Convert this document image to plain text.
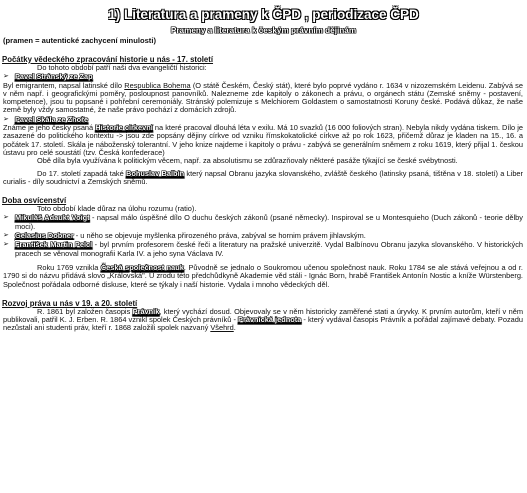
1) Literatura a prameny k ČPD , periodizace ČPD
Prameny a literatura k českým právním dějinám
(pramen = autentické zachycení minulosti)
Počátky vědeckého zpracování historie u nás - 17. století

Do tohoto období patří naši dva evangeličtí historici:

➢ Pavel Stránský ze Zap

Byl emigrantem, napsal latinské dílo Respublica Bohema (O státě Českém, Český stát), které bylo poprvé vydáno r. 1634 v nizozemském Leidenu. Zabývá se v něm např. i geografickými poměry, posloupnost panovníků. Nalezneme zde kapitoly o zákonech a právu, o orgánech státu (Zemské sněmy - postavení, kompetence), jsou tu popsané i pohřební ceremoniály. Stránský polemizuje s Melchiorem Goldastem o samostatnosti Koruny české. Podává důkaz, že naše země byly vždy samostatné, že naše právo pochází z domácích zdrojů.

➢ Pavel Skála ze Zhoře

Známe je jeho česky psaná Historie církevní na které pracoval dlouhá léta v exilu. Má 10 svazků (16 000 foliových stran). Nebyla nikdy vydána tiskem. Dílo je zasazené do politického kontextu -> jsou zde popsány dějiny církve od vzniku římskokatolické církve až po rok 1623, přičemž důraz je kladen na 15., 16. a počátek 17. století. Skála je náboženský tolerantní. V jeho knize najdeme i kapitoly o právu - zabývá se generálním sněmem z roku 1619, který přijal 1. českou ústavu pro celé soustátí (tzv. Česká konfederace)

Obě díla byla využívána k politickým věcem, např. za absolutismu se zdůrazňovaly některé pasáže týkající se české svébytnosti.

Do 17. století zapadá také Bohuslav Balbín který napsal Obranu jazyka slovanského, zvláště českého (latinsky psaná, tištěna v 18. století) a Liber curialis - díly soudnictví a Zemských sněmů.

Doba osvícenství

Toto období klade důraz na úlohu rozumu (ratio).

➢ Mikuláš Adaukt Voigt - napsal málo úspěšné dílo O duchu českých zákonů (psané německy). Inspiroval se u Montesquieho (Duch zákonů - teorie dělby moci).

➢ Gelasius Dobner - u něho se objevuje myšlenka přirozeného práva, zabýval se hornim právem jihlavským.

➢ František Martin Pelcl - byl prvním profesorem české řeči a literatury na pražské univerzitě. Vydal Balbínovu Obranu jazyka slovanského. V historických pracech se věnoval monografii Karla IV. a jeho syna Václava IV.

Roku 1769 vznikla Česká společnost nauk. Původně se jednalo o Soukromou učenou společnost nauk. Roku 1784 se ale stává veřejnou a od r. 1790 si do názvu přidává slovo „Královská". U zrodu této předchůdkyně Akademie věd stáli - Ignác Born, hrabě František Antonín Nostic a kníže Würstenberg. Společnost pořádala odborné diskuse, které se týkaly i naší historie. Vydala i mnoho vědeckých děl.

Rozvoj práva u nás v 19. a 20. století

R. 1861 byl založen časopis Právník, který vychází dosud. Objevovaly se v něm historicky zaměřené stati a úryvky. K prvním autorům, kteří v něm publikovali, patřil K. J. Erben. R. 1864 vznikl spolek Českých právníků - Právnická jednota - který vydával časopis Právník a pořádal zajímavé debaty. Pozadu nezůstali ani studenti práv, kteří r. 1868 založili spolek nazvaný Všehrd.
